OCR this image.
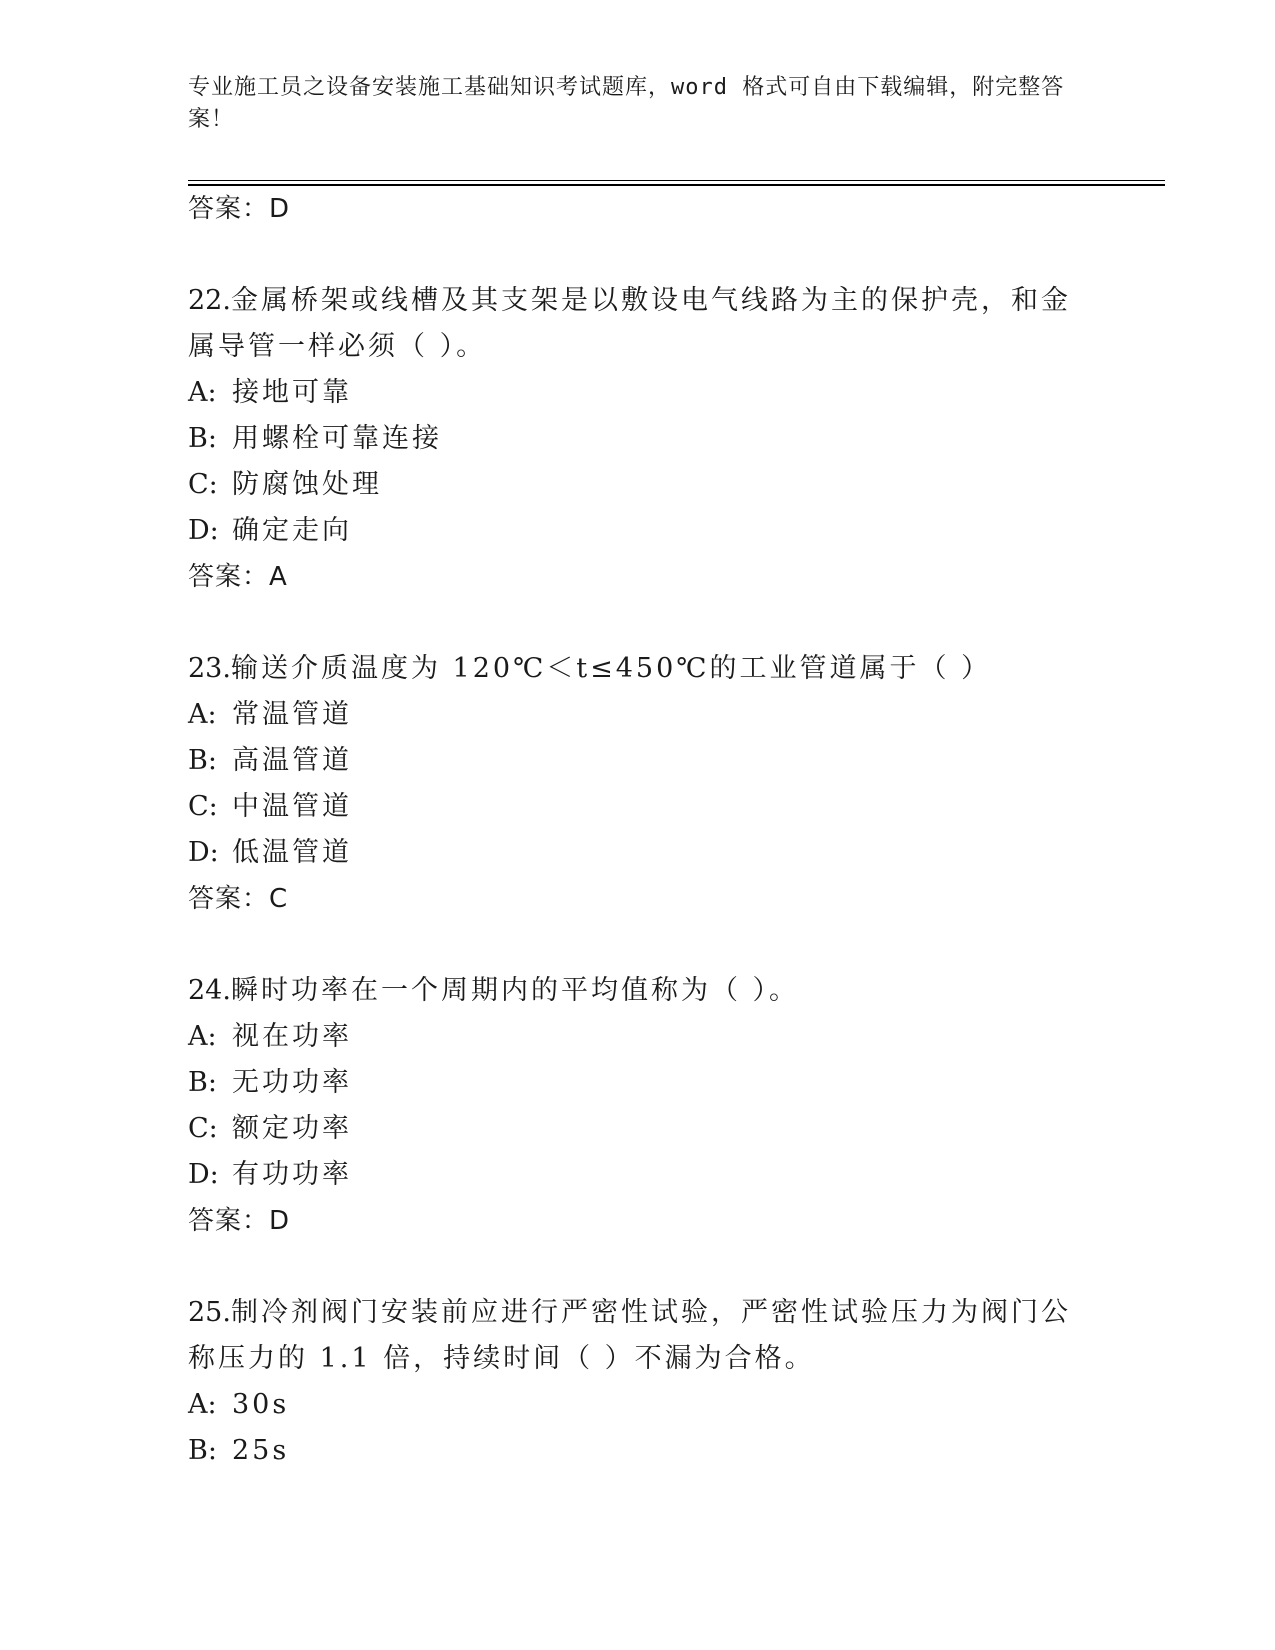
专业施工员之设备安装施工基础知识考试题库，word 格式可自由下载编辑，附完整答案！
答案：D
22.金属桥架或线槽及其支架是以敷设电气线路为主的保护壳，和金属导管一样必须（ ）。
A: 接地可靠
B: 用螺栓可靠连接
C: 防腐蚀处理
D: 确定走向
答案：A
23.输送介质温度为 120℃＜t≤450℃的工业管道属于（ ）
A: 常温管道
B: 高温管道
C: 中温管道
D: 低温管道
答案：C
24.瞬时功率在一个周期内的平均值称为（ ）。
A: 视在功率
B: 无功功率
C: 额定功率
D: 有功功率
答案：D
25.制冷剂阀门安装前应进行严密性试验，严密性试验压力为阀门公称压力的 1.1 倍，持续时间（ ）不漏为合格。
A: 30s
B: 25s
